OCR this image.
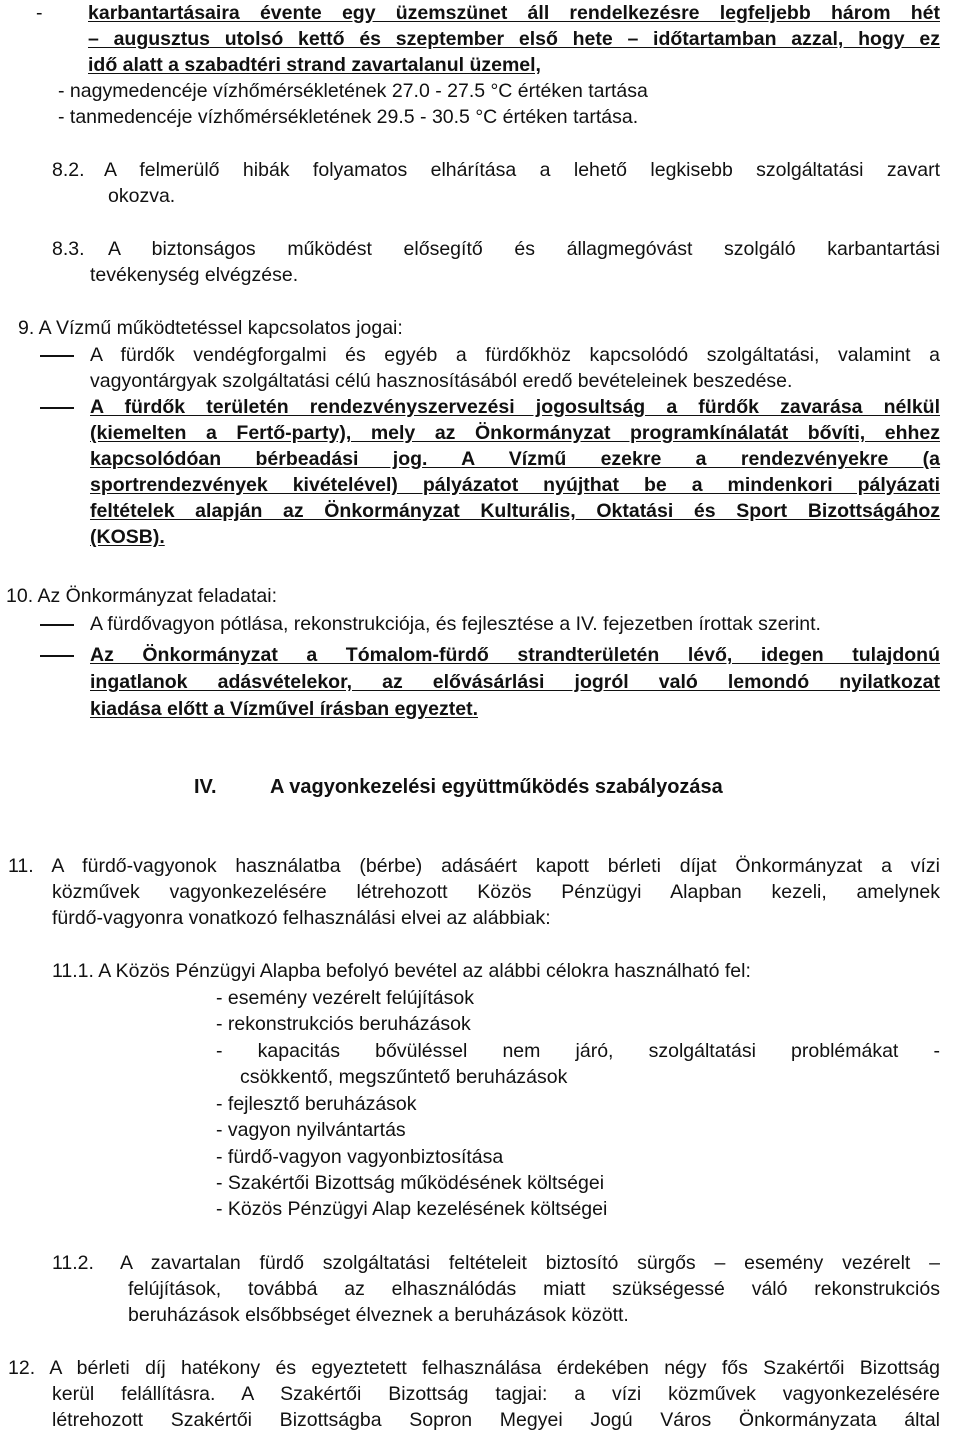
- karbantartásaira évente egy üzemszünet áll rendelkezésre legfeljebb három hét

– augusztus utolsó kettő és szeptember első hete – időtartamban azzal, hogy ez

idő alatt a szabadtéri strand zavartalanul üzemel,

- nagymedencéje vízhőmérsékletének 27.0 - 27.5 °C értéken tartása

- tanmedencéje vízhőmérsékletének 29.5 - 30.5 °C értéken tartása.

8.2. A felmerülő hibák folyamatos elhárítása a lehető legkisebb szolgáltatási zavart

okozva.

8.3. A biztonságos működést elősegítő és állagmegóvást szolgáló karbantartási

tevékenység elvégzése.

9. A Vízmű működtetéssel kapcsolatos jogai:

A fürdők vendégforgalmi és egyéb a fürdőkhöz kapcsolódó szolgáltatási, valamint a

vagyontárgyak szolgáltatási célú hasznosításából eredő bevételeinek beszedése.

A fürdők területén rendezvényszervezési jogosultság a fürdők zavarása nélkül

(kiemelten a Fertő-party), mely az Önkormányzat programkínálatát bővíti, ehhez

kapcsolódóan bérbeadási jog. A Vízmű ezekre a rendezvényekre (a

sportrendezvények kivételével) pályázatot nyújthat be a mindenkori pályázati

feltételek alapján az Önkormányzat Kulturális, Oktatási és Sport Bizottságához

(KOSB).

10. Az Önkormányzat feladatai:

A fürdővagyon pótlása, rekonstrukciója, és fejlesztése a IV. fejezetben írottak szerint.

Az Önkormányzat a Tómalom-fürdő strandterületén lévő, idegen tulajdonú

ingatlanok adásvételekor, az elővásárlási jogról való lemondó nyilatkozat

kiadása előtt a Vízművel írásban egyeztet.

IV.	A vagyonkezelési együttműködés szabályozása

11. A fürdő-vagyonok használatba (bérbe) adásáért kapott bérleti díjat Önkormányzat a vízi

közművek vagyonkezelésére létrehozott Közös Pénzügyi Alapban kezeli, amelynek

fürdő-vagyonra vonatkozó felhasználási elvei az alábbiak:

11.1. A Közös Pénzügyi Alapba befolyó bevétel az alábbi célokra használható fel:

- esemény vezérelt felújítások

- rekonstrukciós beruházások

- kapacitás bővüléssel nem járó, szolgáltatási problémákat -

csökkentő, megszűntető beruházások

- fejlesztő beruházások

- vagyon nyilvántartás

- fürdő-vagyon vagyonbiztosítása

- Szakértői Bizottság működésének költségei

- Közös Pénzügyi Alap kezelésének költségei

11.2. A zavartalan fürdő szolgáltatási feltételeit biztosító sürgős – esemény vezérelt –

felújítások, továbbá az elhasználódás miatt szükségessé váló rekonstrukciós

beruházások elsőbbséget élveznek a beruházások között.

12. A bérleti díj hatékony és egyeztetett felhasználása érdekében négy fős Szakértői Bizottság

kerül felállításra. A Szakértői Bizottság tagjai: a vízi közművek vagyonkezelésére

létrehozott Szakértői Bizottságba Sopron Megyei Jogú Város Önkormányzata által
